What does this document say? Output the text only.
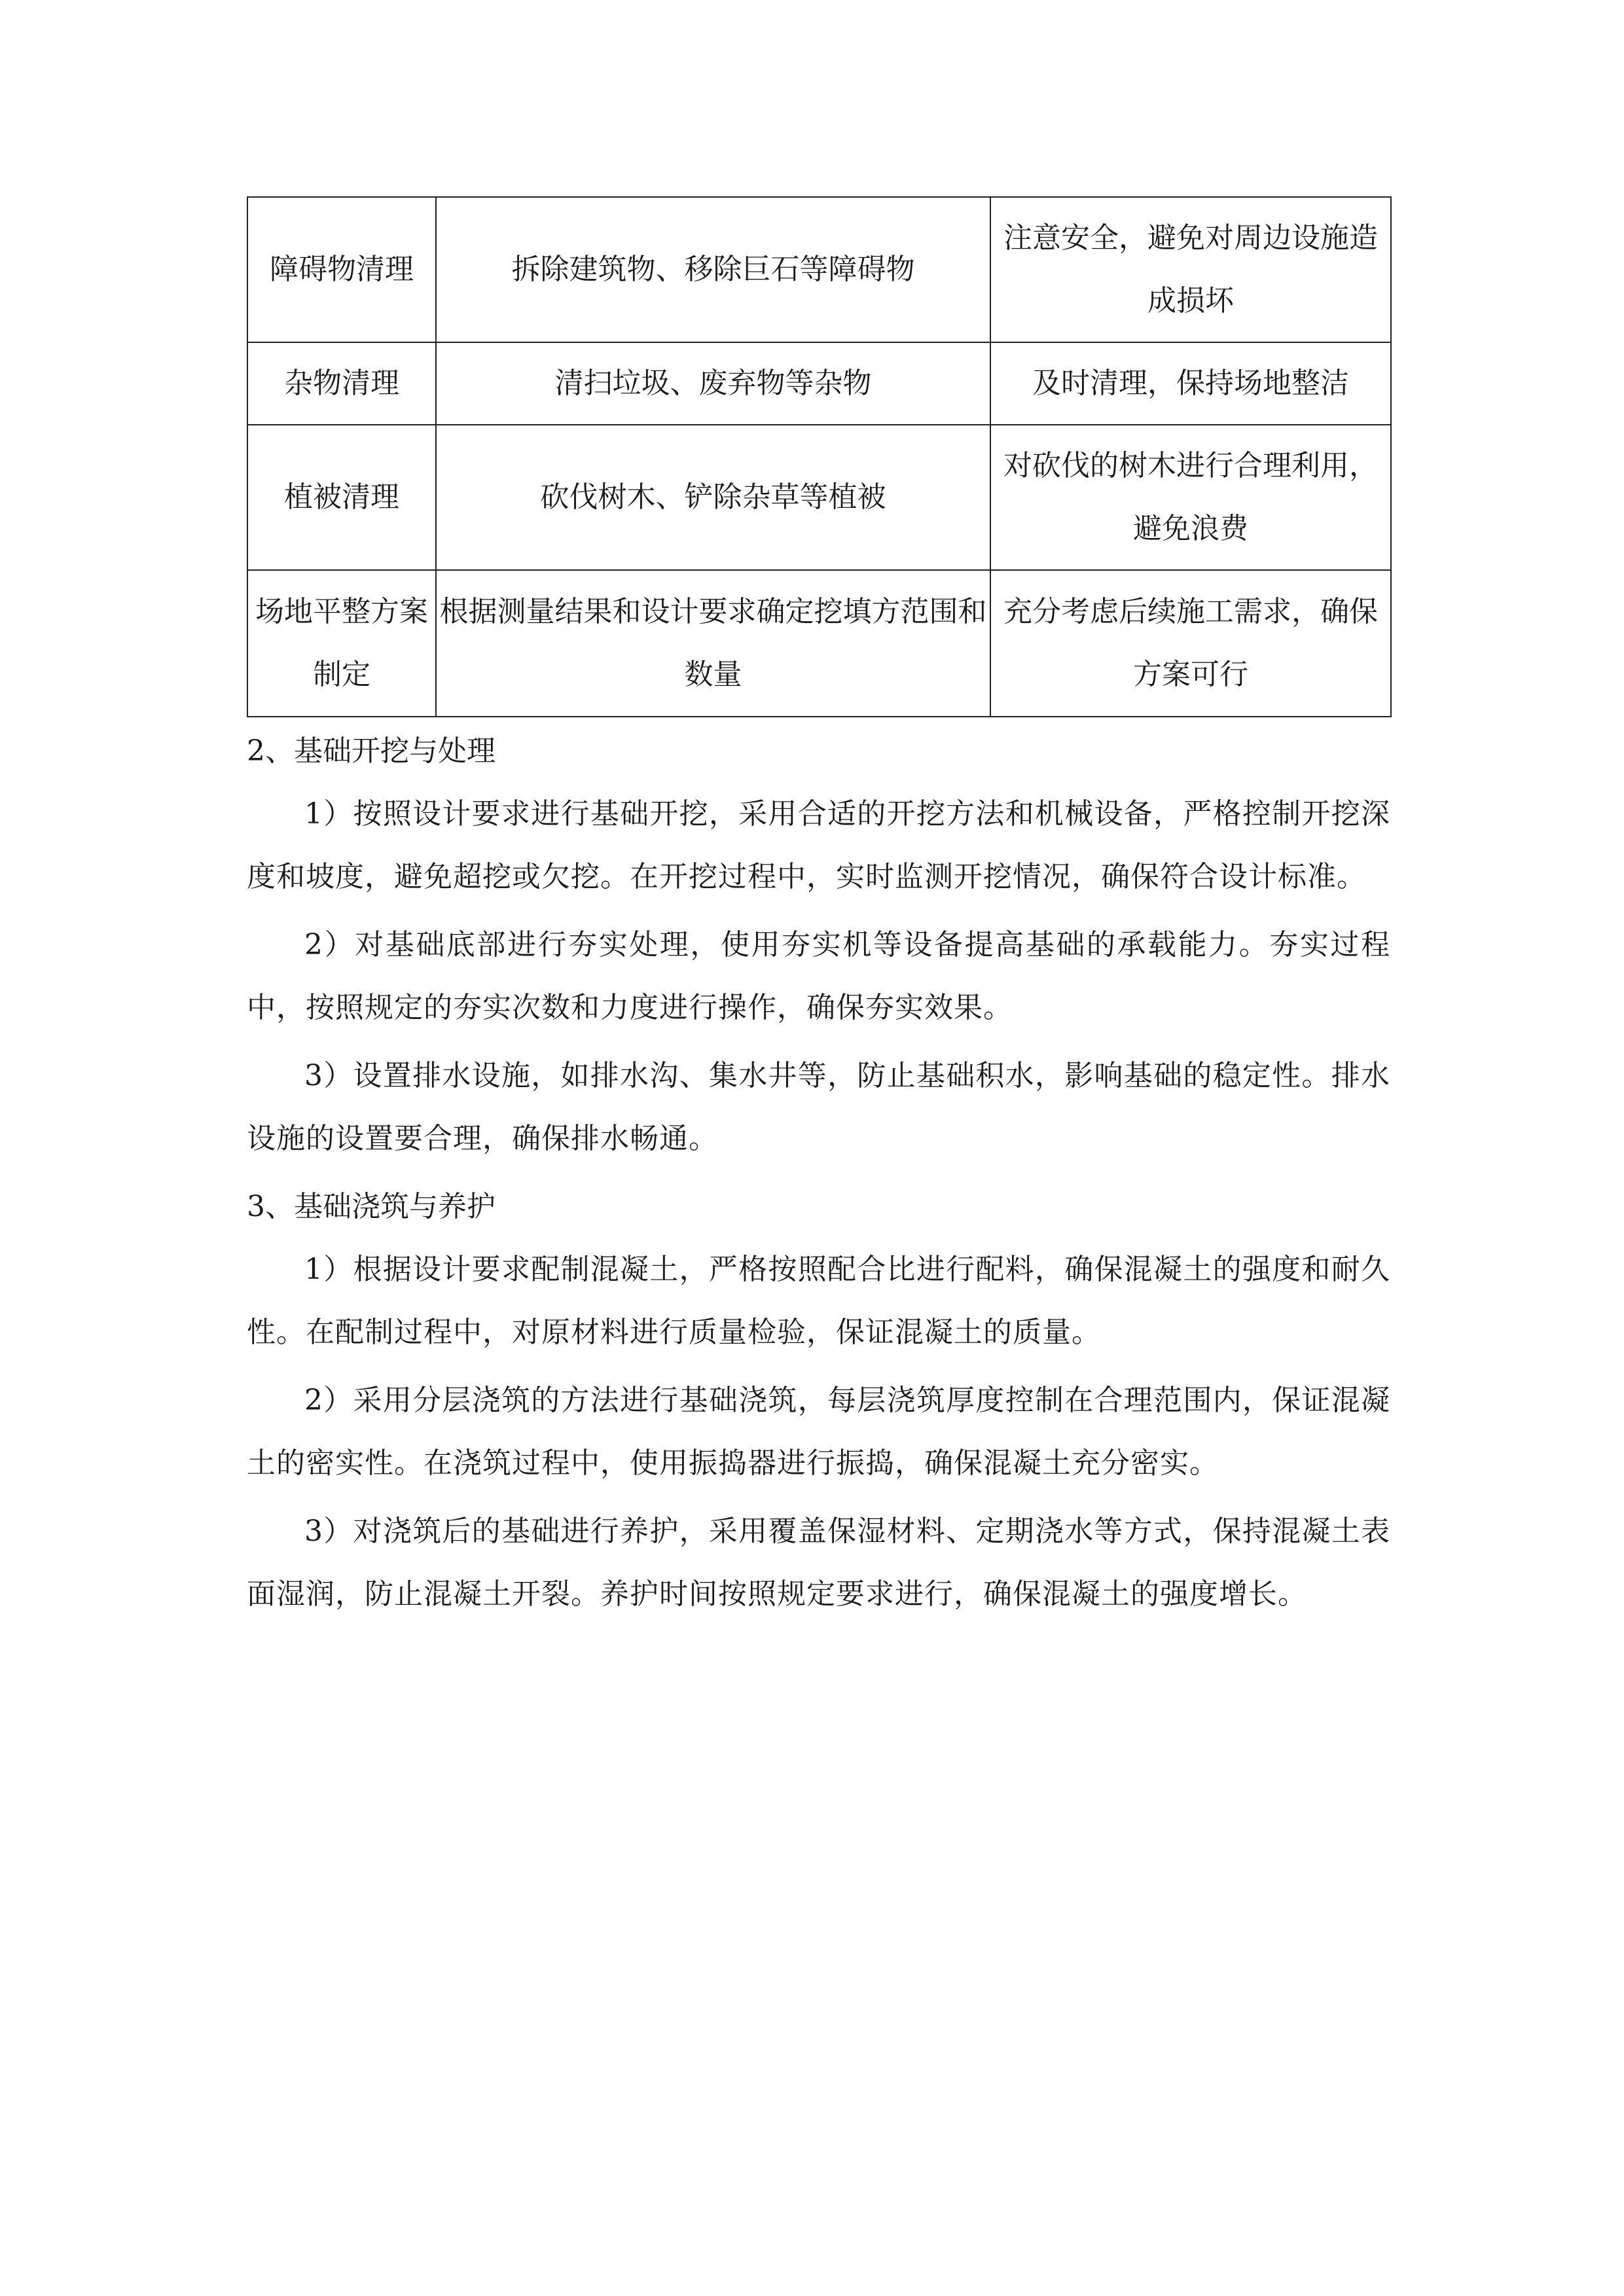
障碍物清理	拆除建筑物、移除巨石等障碍物	注意安全，避免对周边设施造成损坏
杂物清理	清扫垃圾、废弃物等杂物	及时清理，保持场地整洁
植被清理	砍伐树木、铲除杂草等植被	对砍伐的树木进行合理利用，避免浪费
场地平整方案制定	根据测量结果和设计要求确定挖填方范围和数量	充分考虑后续施工需求，确保方案可行
2、基础开挖与处理

1）按照设计要求进行基础开挖，采用合适的开挖方法和机械设备，严格控制开挖深度和坡度，避免超挖或欠挖。在开挖过程中，实时监测开挖情况，确保符合设计标准。

2）对基础底部进行夯实处理，使用夯实机等设备提高基础的承载能力。夯实过程中，按照规定的夯实次数和力度进行操作，确保夯实效果。

3）设置排水设施，如排水沟、集水井等，防止基础积水，影响基础的稳定性。排水设施的设置要合理，确保排水畅通。

3、基础浇筑与养护

1）根据设计要求配制混凝土，严格按照配合比进行配料，确保混凝土的强度和耐久性。在配制过程中，对原材料进行质量检验，保证混凝土的质量。

2）采用分层浇筑的方法进行基础浇筑，每层浇筑厚度控制在合理范围内，保证混凝土的密实性。在浇筑过程中，使用振捣器进行振捣，确保混凝土充分密实。

3）对浇筑后的基础进行养护，采用覆盖保湿材料、定期浇水等方式，保持混凝土表面湿润，防止混凝土开裂。养护时间按照规定要求进行，确保混凝土的强度增长。
